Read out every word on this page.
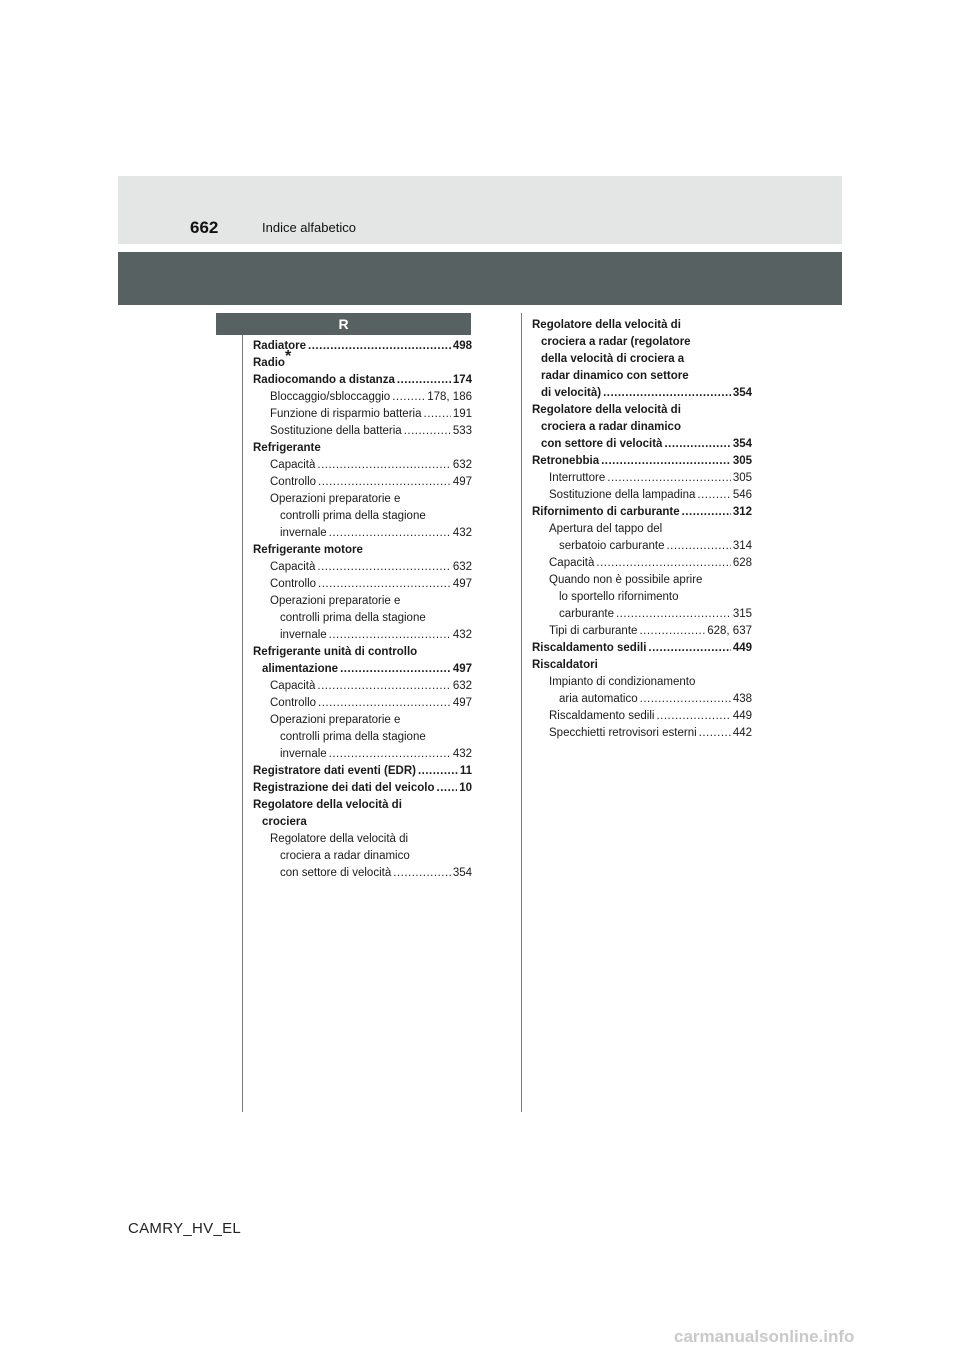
662	Indice alfabetico
R
Radiatore .....	498
Radio*
Radiocomando a distanza .....	174
Bloccaggio/sbloccaggio .....	178, 186
Funzione di risparmio batteria .....	191
Sostituzione della batteria .....	533
Refrigerante
Capacità .....	632
Controllo .....	497
Operazioni preparatorie e
controlli prima della stagione
invernale .....	432
Refrigerante motore
Capacità .....	632
Controllo .....	497
Operazioni preparatorie e
controlli prima della stagione
invernale .....	432
Refrigerante unità di controllo
alimentazione .....	497
Capacità .....	632
Controllo .....	497
Operazioni preparatorie e
controlli prima della stagione
invernale .....	432
Registratore dati eventi (EDR) .....	11
Registrazione dei dati del veicolo ..... 10
Regolatore della velocità di
crociera
Regolatore della velocità di
crociera a radar dinamico
con settore di velocità .....	354
Regolatore della velocità di
crociera a radar (regolatore
della velocità di crociera a
radar dinamico con settore
di velocità) .....	354
Regolatore della velocità di
crociera a radar dinamico
con settore di velocità .....	354
Retronebbia .....	305
Interruttore .....	305
Sostituzione della lampadina .....	546
Rifornimento di carburante .....	312
Apertura del tappo del
serbatoio carburante .....	314
Capacità .....	628
Quando non è possibile aprire
lo sportello rifornimento
carburante .....	315
Tipi di carburante .....	628, 637
Riscaldamento sedili .....	449
Riscaldatori
Impianto di condizionamento
aria automatico .....	438
Riscaldamento sedili .....	449
Specchietti retrovisori esterni .....	442
CAMRY_HV_EL
carmanualsonline.info
